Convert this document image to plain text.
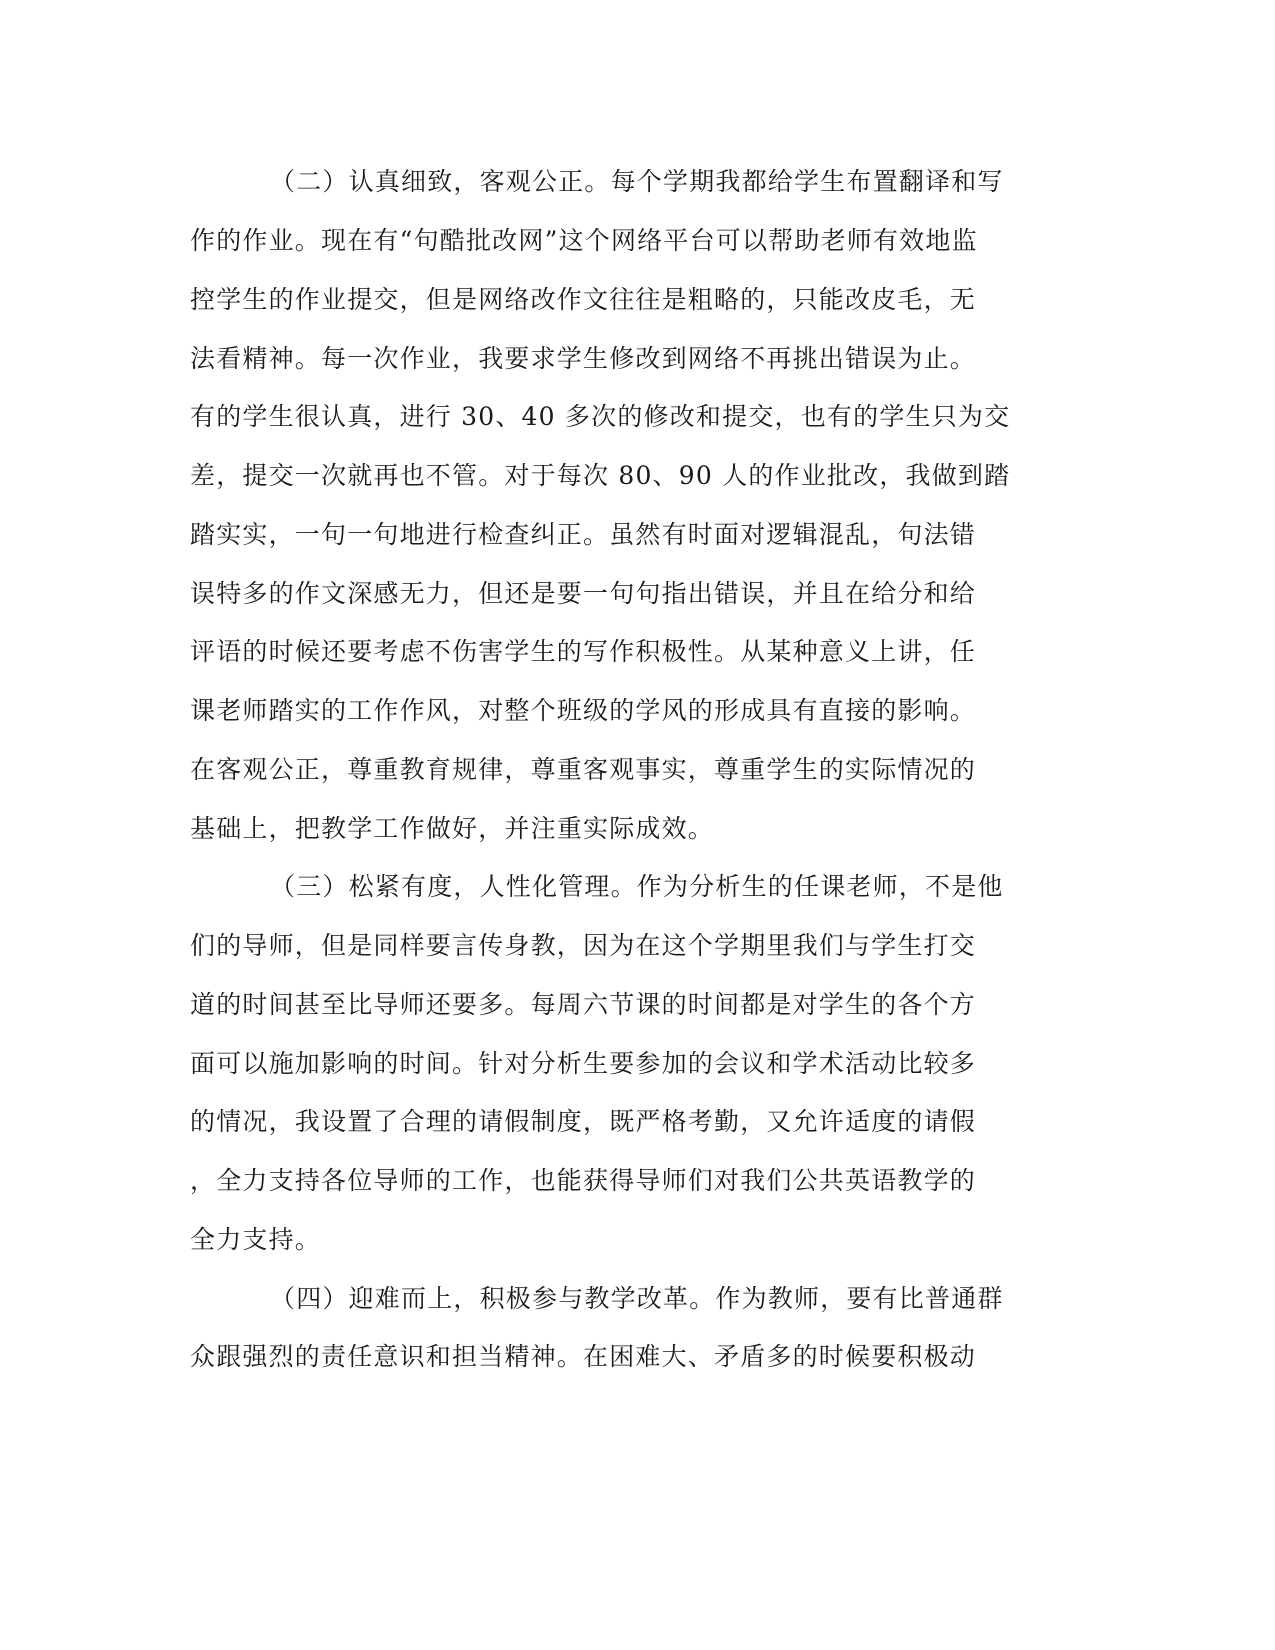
（二）认真细致，客观公正。每个学期我都给学生布置翻译和写
作的作业。现在有“句酷批改网”这个网络平台可以帮助老师有效地监
控学生的作业提交，但是网络改作文往往是粗略的，只能改皮毛，无
法看精神。每一次作业，我要求学生修改到网络不再挑出错误为止。
有的学生很认真，进行 30、40 多次的修改和提交，也有的学生只为交
差，提交一次就再也不管。对于每次 80、90 人的作业批改，我做到踏
踏实实，一句一句地进行检查纠正。虽然有时面对逻辑混乱，句法错
误特多的作文深感无力，但还是要一句句指出错误，并且在给分和给
评语的时候还要考虑不伤害学生的写作积极性。从某种意义上讲，任
课老师踏实的工作作风，对整个班级的学风的形成具有直接的影响。
在客观公正，尊重教育规律，尊重客观事实，尊重学生的实际情况的
基础上，把教学工作做好，并注重实际成效。
（三）松紧有度，人性化管理。作为分析生的任课老师，不是他
们的导师，但是同样要言传身教，因为在这个学期里我们与学生打交
道的时间甚至比导师还要多。每周六节课的时间都是对学生的各个方
面可以施加影响的时间。针对分析生要参加的会议和学术活动比较多
的情况，我设置了合理的请假制度，既严格考勤，又允许适度的请假
，全力支持各位导师的工作，也能获得导师们对我们公共英语教学的
全力支持。
（四）迎难而上，积极参与教学改革。作为教师，要有比普通群
众跟强烈的责任意识和担当精神。在困难大、矛盾多的时候要积极动
